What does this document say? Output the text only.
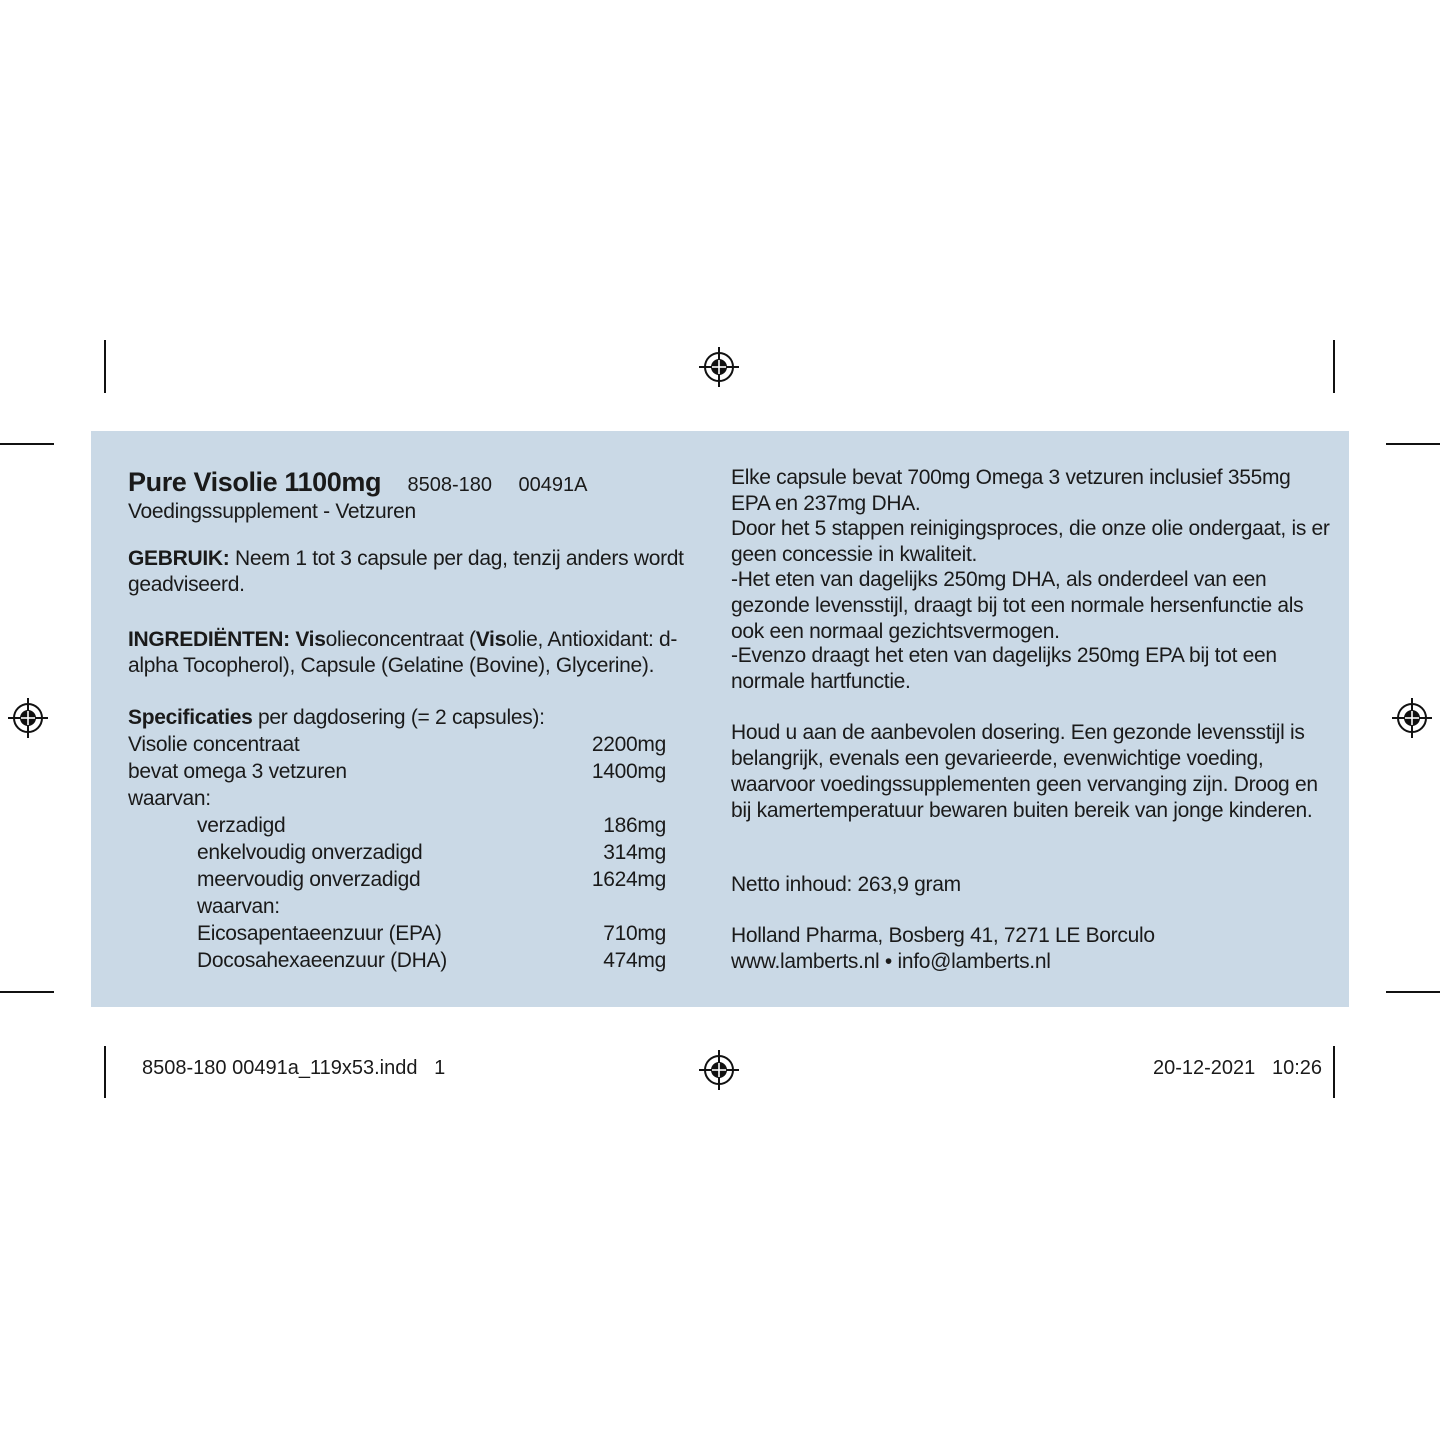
Pure Visolie 1100mg 8508-180 00491A
Voedingssupplement - Vetzuren
GEBRUIK: Neem 1 tot 3 capsule per dag, tenzij anders wordt geadviseerd.
INGREDIËNTEN: Visolieconcentraat (Visolie, Antioxidant: d-alpha Tocopherol), Capsule (Gelatine (Bovine), Glycerine).
Specificaties per dagdosering (= 2 capsules):
Visolie concentraat	2200mg
bevat omega 3 vetzuren	1400mg
waarvan:
verzadigd	186mg
enkelvoudig onverzadigd	314mg
meervoudig onverzadigd	1624mg
waarvan:
Eicosapentaeenzuur (EPA)	710mg
Docosahexaeenzuur (DHA)	474mg
Elke capsule bevat 700mg Omega 3 vetzuren inclusief 355mg EPA en 237mg DHA.
Door het 5 stappen reinigingsproces, die onze olie ondergaat, is er geen concessie in kwaliteit.
-Het eten van dagelijks 250mg DHA, als onderdeel van een gezonde levensstijl, draagt bij tot een normale hersenfunctie als ook een normaal gezichtsvermogen.
-Evenzo draagt het eten van dagelijks 250mg EPA bij tot een normale hartfunctie.
Houd u aan de aanbevolen dosering. Een gezonde levensstijl is belangrijk, evenals een gevarieerde, evenwichtige voeding, waarvoor voedingssupplementen geen vervanging zijn. Droog en bij kamertemperatuur bewaren buiten bereik van jonge kinderen.
Netto inhoud: 263,9 gram
Holland Pharma, Bosberg 41, 7271 LE Borculo
www.lamberts.nl • info@lamberts.nl
8508-180 00491a_119x53.indd   1	20-12-2021   10:26
